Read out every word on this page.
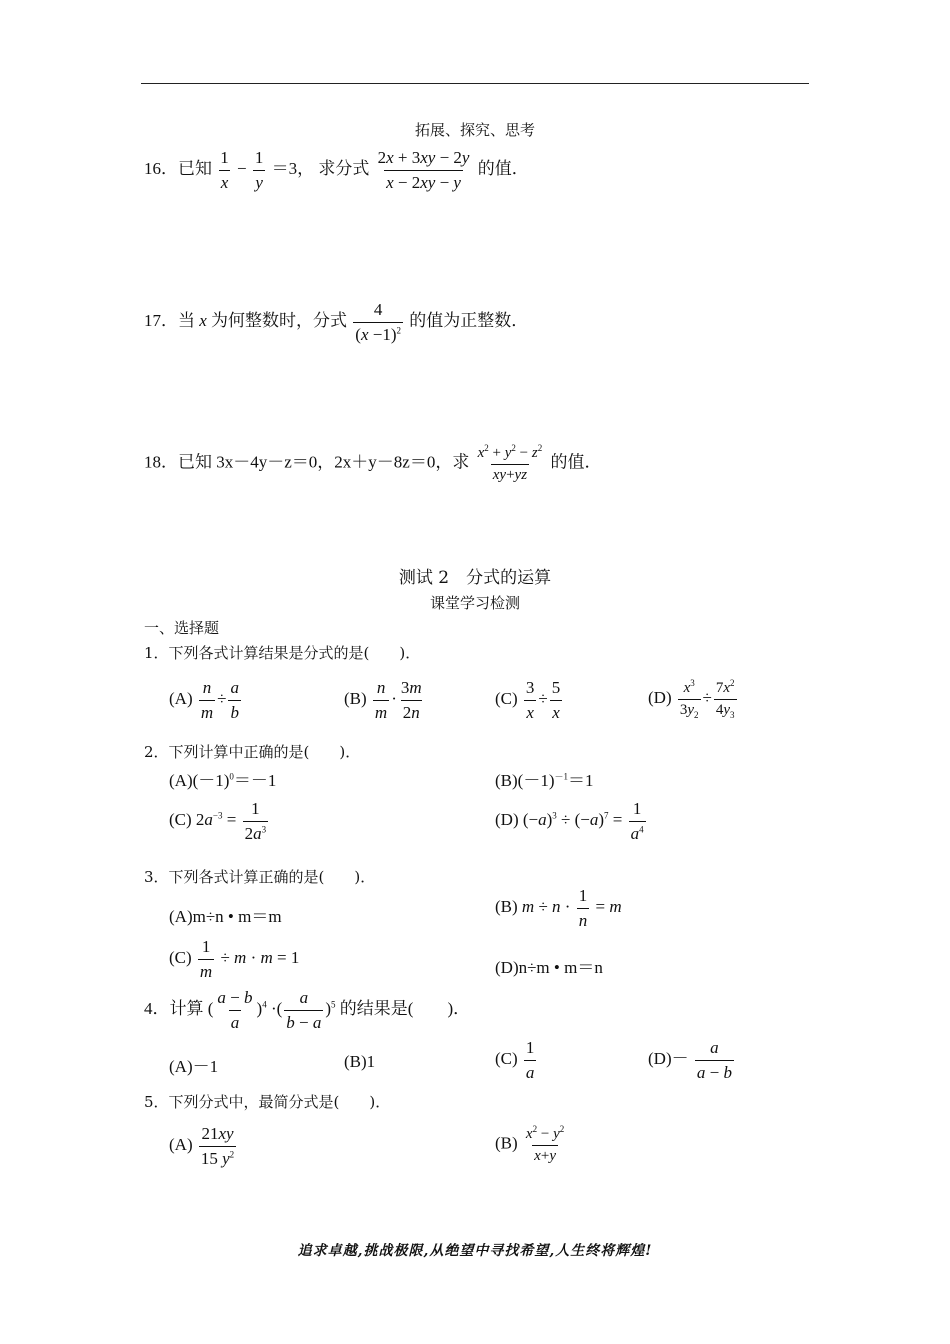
拓展、探究、思考
16．已知 $\frac{1}{x} - \frac{1}{y} =3$， 求分式 $\frac{2x + 3xy - 2y}{x - 2xy - y}$ 的值．
17．当 x 为何整数时，分式 $\frac{4}{(x -1)^2}$ 的值为正整数．
18．已知 3x－4y－z＝0，2x＋y－8z＝0，求 $\frac{x^2 + y^2 - z^2}{xy+yz}$ 的值．
测试 2　分式的运算
课堂学习检测
一、选择题
1．下列各式计算结果是分式的是(　　)．
$(A) \frac{n}{m} \div \frac{a}{b}$	$(B) \frac{n}{m} \cdot \frac{3m}{2n}$	$(C) \frac{3}{x} \div \frac{5}{x}$	$(D) \frac{x^3}{3y_2} \div \frac{7x^2}{4y_3}$
2．下列计算中正确的是(　　)．
$(A)(-1)^0=-1$	$(B)(-1)^{-1}=1$
(C) $2a^{-3} = \frac{1}{2a^3}$	(D) $(-a)^3 \div (-a)^7 = \frac{1}{a^4}$
3．下列各式计算正确的是(　　)．
(A)m÷n • m＝m
(B) $m \div n \cdot \frac{1}{n} = m$
$(C) \frac{1}{m} \div m \cdot m = 1$
(D)n÷m • m＝n
4．计算 ( $\frac{a - b}{a} )^4$ ·( $\frac{a}{b - a} )^5$ 的结果是(　　)．
(A)－1	(B)1	$(C) \frac{1}{a}$	$(D)- \frac{a}{a - b}$
5．下列分式中，最简分式是(　　)．
$(A) \frac{21xy}{15 y^2}$	$(B) \frac{x^2 - y^2}{x+y}$
追求卓越,挑战极限,从绝望中寻找希望,人生终将辉煌!
